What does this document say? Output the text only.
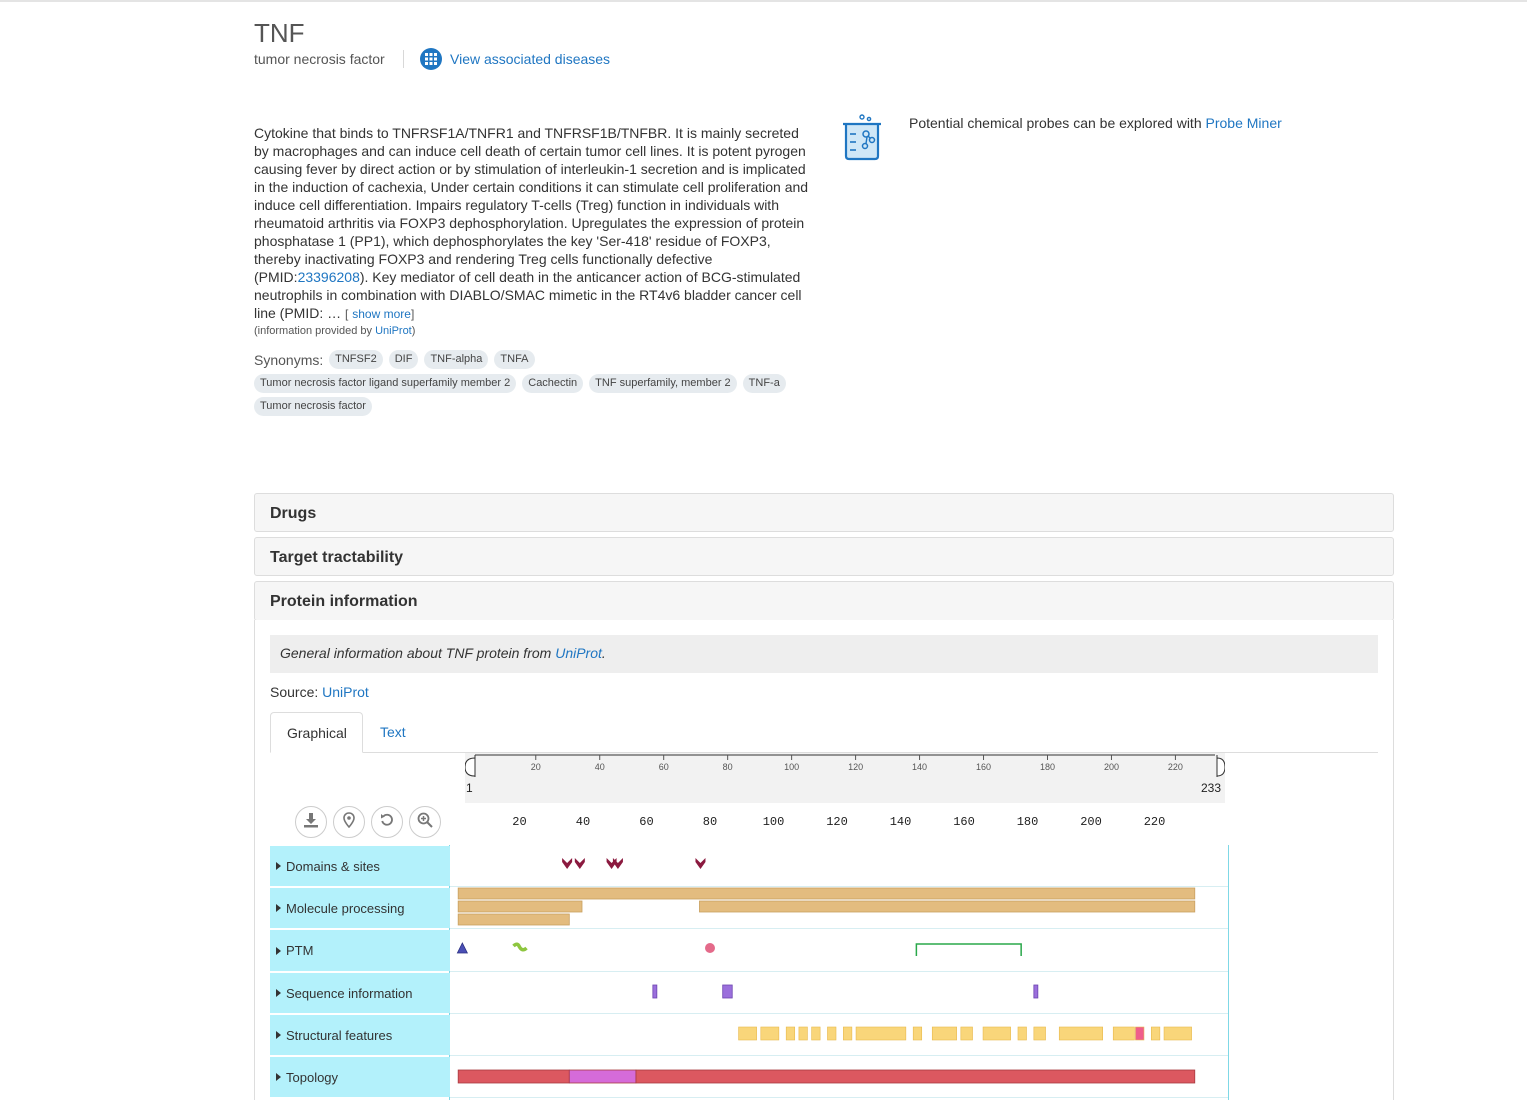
TNF
tumor necrosis factor	View associated diseases

Cytokine that binds to TNFRSF1A/TNFR1 and TNFRSF1B/TNFBR. It is mainly secreted by macrophages and can induce cell death of certain tumor cell lines. It is potent pyrogen causing fever by direct action or by stimulation of interleukin-1 secretion and is implicated in the induction of cachexia, Under certain conditions it can stimulate cell proliferation and induce cell differentiation. Impairs regulatory T-cells (Treg) function in individuals with rheumatoid arthritis via FOXP3 dephosphorylation. Upregulates the expression of protein phosphatase 1 (PP1), which dephosphorylates the key 'Ser-418' residue of FOXP3, thereby inactivating FOXP3 and rendering Treg cells functionally defective (PMID:23396208). Key mediator of cell death in the anticancer action of BCG-stimulated neutrophils in combination with DIABLO/SMAC mimetic in the RT4v6 bladder cancer cell line (PMID: … [ show more]

(information provided by UniProt)
Synonyms: TNFSF2 DIF TNF-alpha TNFA
Tumor necrosis factor ligand superfamily member 2 Cachectin TNF superfamily, member 2 TNF-a
Tumor necrosis factor
Potential chemical probes can be explored with Probe Miner
Drugs
Target tractability
Protein information
General information about TNF protein from UniProt.
Source: UniProt
Graphical	Text
20	40	60	80	100	120	140	160	180	200	220
1	233
20	40	60	80	100	120	140	160	180	200	220
Domains & sites
Molecule processing
PTM
Sequence information
Structural features
Topology
